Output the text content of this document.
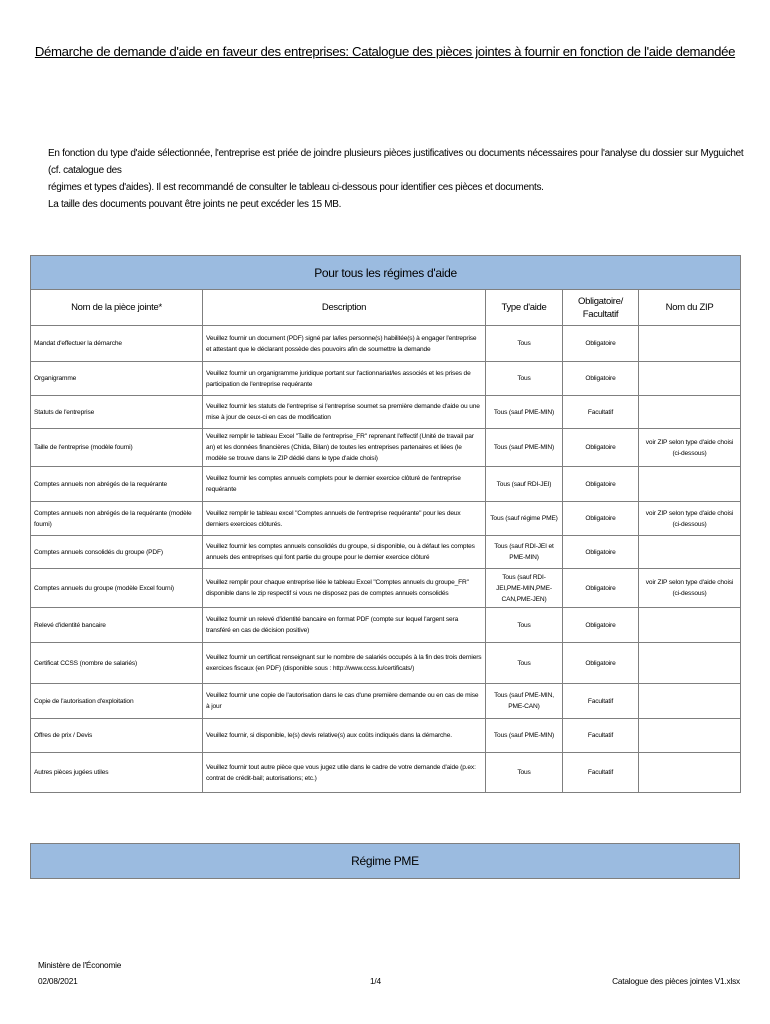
Démarche de demande d'aide en faveur des entreprises: Catalogue des pièces jointes à fournir en fonction de l'aide demandée

En fonction du type d'aide sélectionnée, l'entreprise est priée de joindre plusieurs pièces justificatives ou documents nécessaires pour l'analyse du dossier sur Myguichet (cf. catalogue des

régimes et types d'aides). Il est recommandé de consulter le tableau ci-dessous pour identifier ces pièces et documents.

La taille des documents pouvant être joints ne peut excéder les 15 MB.

Pour tous les régimes d'aide				
Nom de la pièce jointe*	Description	Type d'aide	Obligatoire/ Facultatif	Nom du ZIP
Mandat d'effectuer la démarche	Veuillez fournir un document (PDF) signé par la/les personne(s) habilitée(s) à engager l'entreprise et attestant que le déclarant possède des pouvoirs afin de soumettre la demande	Tous	Obligatoire	
Organigramme	Veuillez fournir un organigramme juridique portant sur l'actionnariat/les associés et les prises de participation de l'entreprise requérante	Tous	Obligatoire	
Statuts de l'entreprise	Veuillez fournir les statuts de l'entreprise si l'entreprise soumet sa première demande d'aide ou une mise à jour de ceux-ci en cas de modification	Tous (sauf PME-MIN)	Facultatif	
Taille de l'entreprise (modèle fourni)	Veuillez remplir le tableau Excel "Taille de l'entreprise_FR" reprenant l'effectif (Unité de travail par an) et les données financières (Chida, Bilan) de toutes les entreprises partenaires et liées (le modèle se trouve dans le ZIP dédié dans le type d'aide choisi)	Tous (sauf PME-MIN)	Obligatoire	voir ZIP selon type d'aide choisi (ci-dessous)
Comptes annuels non abrégés de la requérante	Veuillez fournir les comptes annuels complets pour le dernier exercice clôturé de l'entreprise requérante	Tous (sauf RDI-JEI)	Obligatoire	
Comptes annuels non abrégés de la requérante (modèle fourni)	Veuillez remplir le tableau excel "Comptes annuels de l'entreprise requérante" pour les deux derniers exercices clôturés.	Tous (sauf régime PME)	Obligatoire	voir ZIP selon type d'aide choisi (ci-dessous)
Comptes annuels consolidés du groupe (PDF)	Veuillez fournir les comptes annuels consolidés du groupe, si disponible, ou à défaut les comptes annuels des entreprises qui font partie du groupe pour le dernier exercice clôturé	Tous (sauf RDI-JEI et PME-MIN)	Obligatoire	
Comptes annuels du groupe (modèle Excel fourni)	Veuillez remplir pour chaque entreprise liée le tableau Excel "Comptes annuels du groupe_FR" disponible dans le zip respectif si vous ne disposez pas de comptes annuels consolidés	Tous (sauf RDI-JEI,PME-MIN,PME-CAN,PME-JEN)	Obligatoire	voir ZIP selon type d'aide choisi (ci-dessous)
Relevé d'identité bancaire	Veuillez fournir un relevé d'identité bancaire en format PDF (compte sur lequel l'argent sera transféré en cas de décision positive)	Tous	Obligatoire	
Certificat CCSS (nombre de salariés)	Veuillez fournir un certificat renseignant sur le nombre de salariés occupés à la fin des trois derniers exercices fiscaux (en PDF) (disponible sous : http://www.ccss.lu/certificats/)	Tous	Obligatoire	
Copie de l'autorisation d'exploitation	Veuillez fournir une copie de l'autorisation dans le cas d'une première demande ou en cas de mise à jour	Tous (sauf PME-MIN, PME-CAN)	Facultatif	
Offres de prix / Devis	Veuillez fournir, si disponible, le(s) devis relative(s) aux coûts indiqués dans la démarche.	Tous (sauf PME-MIN)	Facultatif	
Autres pièces jugées utiles	Veuillez fournir tout autre pièce que vous jugez utile dans le cadre de votre demande d'aide (p.ex: contrat de crédit-bail; autorisations; etc.)	Tous	Facultatif	
Régime PME
Ministère de l'Économie
02/08/2021	1/4	Catalogue des pièces jointes V1.xlsx
